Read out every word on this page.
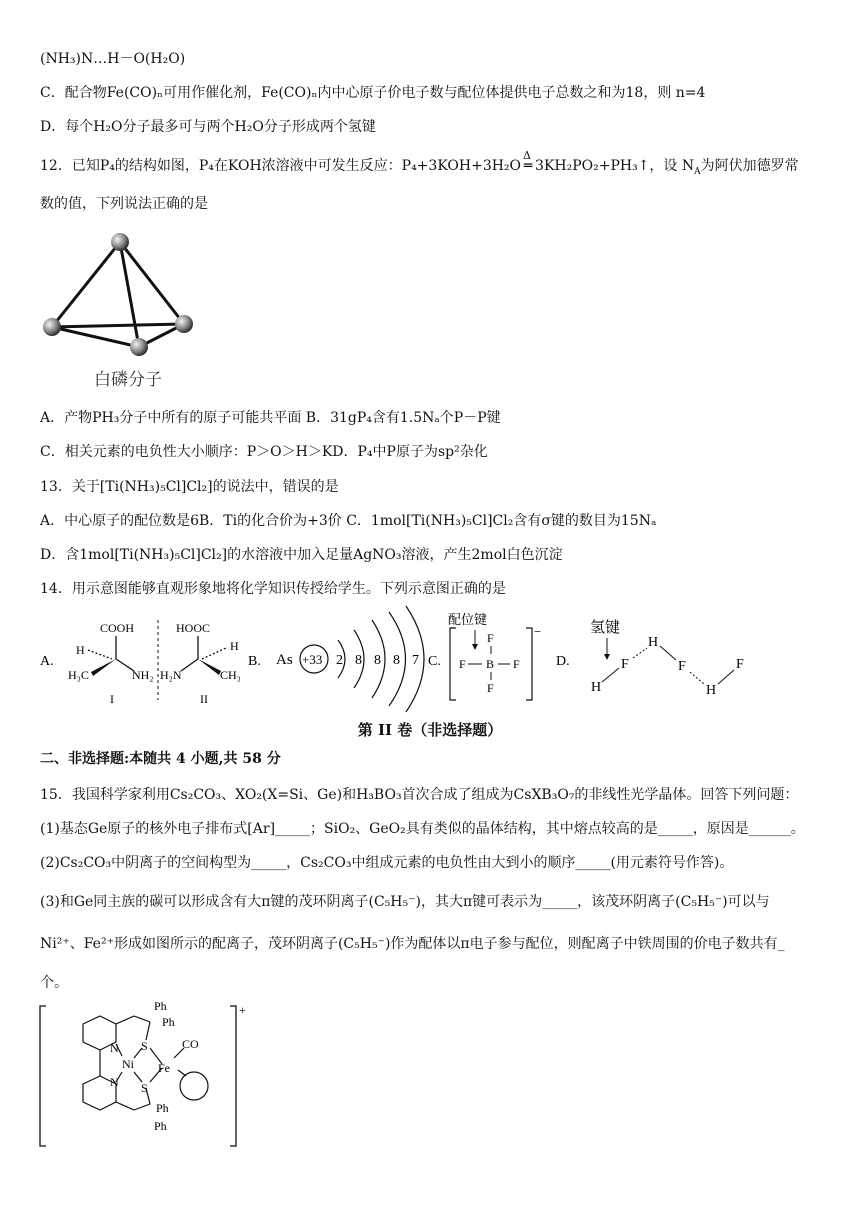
(NH₃)N…H－O(H₂O)
C．配合物Fe(CO)ₙ可用作催化剂，Fe(CO)ₙ内中心原子价电子数与配位体提供电子总数之和为18，则 n=4
D．每个H₂O分子最多可与两个H₂O分子形成两个氢键
12．已知P₄的结构如图，P₄在KOH浓溶液中可发生反应：P₄+3KOH+3H₂O
Δ
═ 3KH₂PO₂+PH₃↑，设 $N_A$为阿伏加德罗常
数的值，下列说法正确的是
白磷分子
A．产物PH₃分子中所有的原子可能共平面 B．31gP₄含有1.5Nₐ个P－P键
C．相关元素的电负性大小顺序：P＞O＞H＞KD．P₄中P原子为sp²杂化
13．关于[Ti(NH₃)₅Cl]Cl₂]的说法中，错误的是
A．中心原子的配位数是6B．Ti的化合价为+3价 C．1mol[Ti(NH₃)₅Cl]Cl₂含有σ键的数目为15Nₐ
D．含1mol[Ti(NH₃)₅Cl]Cl₂]的水溶液中加入足量AgNO₃溶液，产生2mol白色沉淀
14．用示意图能够直观形象地将化学知识传授给学生。下列示意图正确的是
A.
COOH
H
H₃C	NH₂
I
HOOC
H
H₂N	CH₃
II
B. As +33 2 8 8 8 7 C.
配位键
−
F
F B F
F
D.
氢键
H
F
H
F
H
F
第 II 卷（非选择题）
二、非选择题:本随共 4 小题,共 58 分
15．我国科学家利用Cs₂CO₃、XO₂(X=Si、Ge)和H₃BO₃首次合成了组成为CsXB₃O₇的非线性光学晶体。回答下列问题：
(1)基态Ge原子的核外电子排布式[Ar]_____；SiO₂、GeO₂具有类似的晶体结构，其中熔点较高的是_____，原因是______。
(2)Cs₂CO₃中阴离子的空间构型为_____，Cs₂CO₃中组成元素的电负性由大到小的顺序_____(用元素符号作答)。
(3)和Ge同主族的碳可以形成含有大π键的茂环阴离子(C₅H₅⁻)，其大π键可表示为_____，该茂环阴离子(C₅H₅⁻)可以与
Ni²⁺、Fe²⁺形成如图所示的配离子，茂环阴离子(C₅H₅⁻)作为配体以π电子参与配位，则配离子中铁周围的价电子数共有_
个。
+
Ph
Ph
N
Ni
S
Fe
CO
S
N
Ph
Ph
